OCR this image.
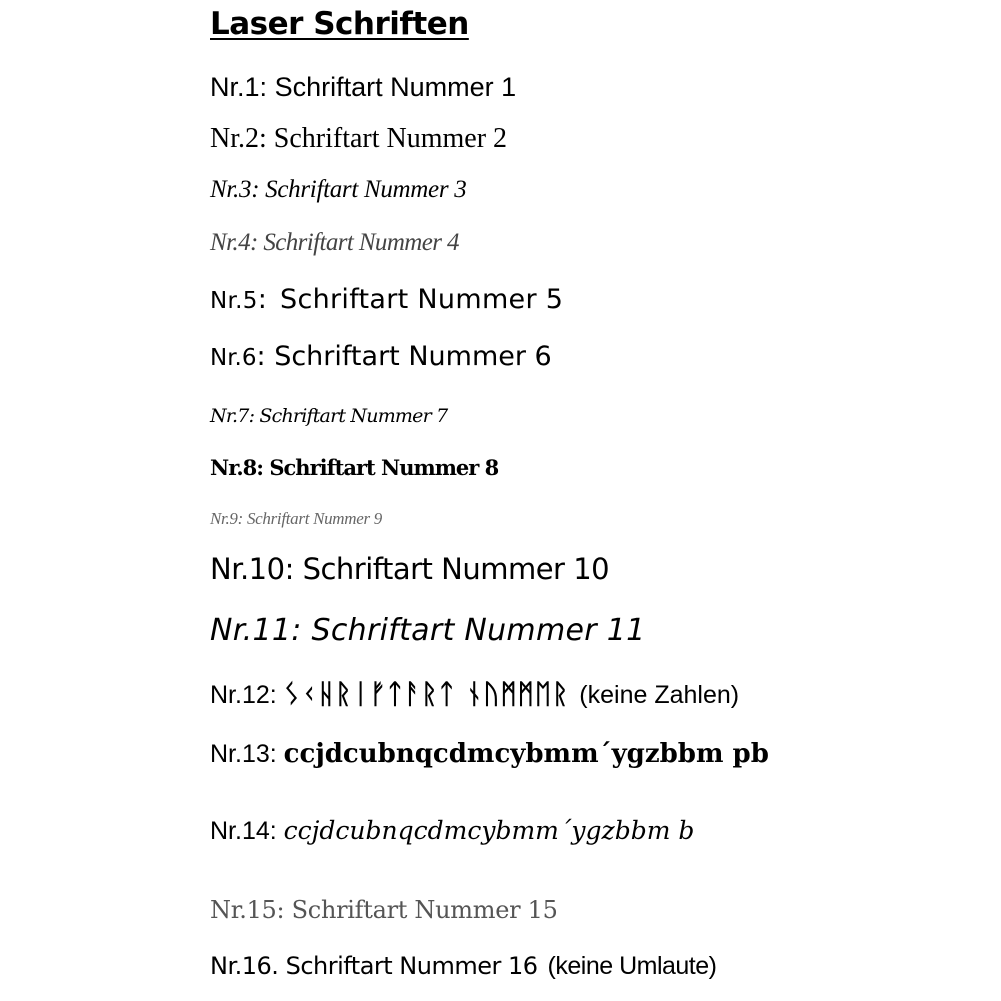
Laser Schriften
Nr.1: Schriftart Nummer 1
Nr.2: Schriftart Nummer 2
Nr.3: Schriftart Nummer 3
Nr.4: Schriftart Nummer 4
Nr.5: Schriftart Nummer 5
Nr.6: Schriftart Nummer 6
Nr.7: Schriftart Nummer 7
Nr.8: Schriftart Nummer 8
Nr.9: Schriftart Nummer 9
Nr.10: Schriftart Nummer 10
Nr.11: Schriftart Nummer 11
Nr.12: ᛊᚲᚺᚱᛁᚠᛏᚨᚱᛏ ᚾᚢᛗᛗᛖᚱ (keine Zahlen)
Nr.13: ccjdcubnqcdmcybmm´ygzbbm pb
Nr.14: ccjdcubnqcdmcybmm´ygzbbm b
Nr.15: Schriftart Nummer 15
Nr.16. Schriftart Nummer 16 (keine Umlaute)
